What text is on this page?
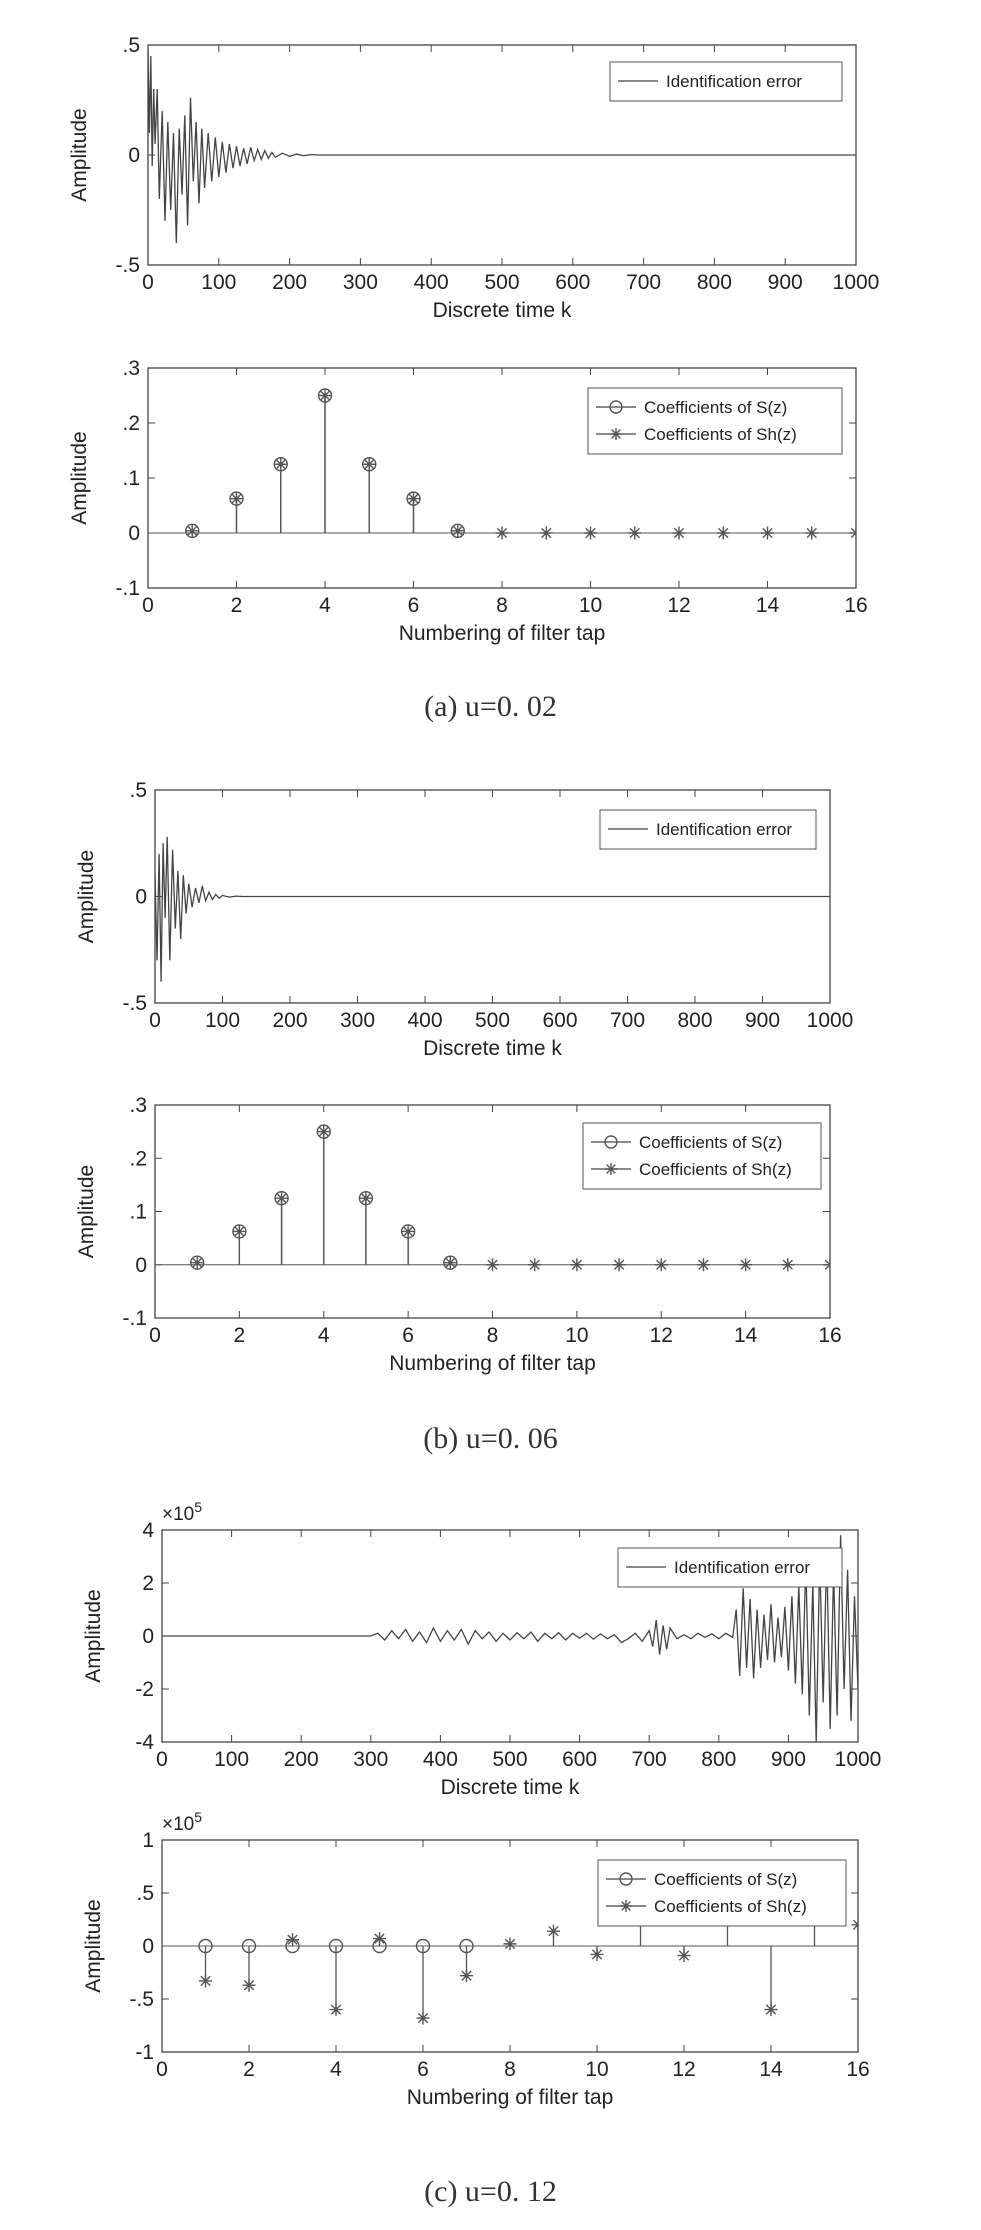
0 100 200 300 400 500 600 700 800 900 1000
-.5
0
.5
Discrete time k
Amplitude
Identification error
0	2	4	6	8	10	12	14	16
-.1
0
.1
.2
.3
Numbering of filter tap
Amplitude
Coefficients of S(z)
Coefficients of Sh(z)
0 100 200 300 400 500 600 700 800 900 1000
-.5
0
.5
Discrete time k
Amplitude
Identification error
0	2	4	6	8	10	12	14	16
-.1
0
.1
.2
.3
Numbering of filter tap
Amplitude
Coefficients of S(z)
Coefficients of Sh(z)
0 100 200 300 400 500 600 700 800 900 1000
-4
-2
0
2
4
Discrete time k
Amplitude
$\times 10^5$
Identification error
0	2	4	6	8	10	12	14	16
-1
-.5
0
.5
1
Numbering of filter tap
Amplitude
$\times 10^5$
Coefficients of S(z)
Coefficients of Sh(z)
(a) u=0. 02
(b) u=0. 06
(c) u=0. 12
